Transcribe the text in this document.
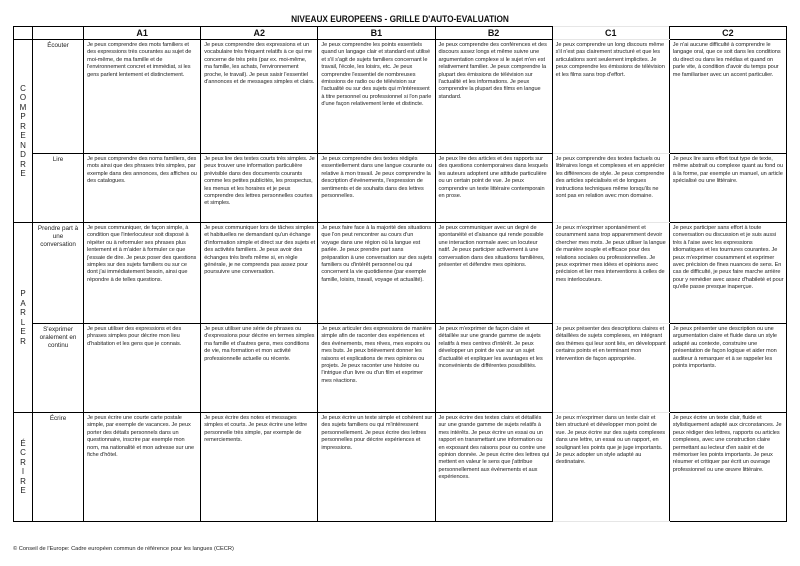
NIVEAUX EUROPEENS - GRILLE D'AUTO-EVALUATION
		A1	A2	B1	B2	C1	C2

C
O
M
P
R
E
N
D
R
E
	Écouter	Je peux comprendre des mots familiers et des expressions très courantes au sujet de moi-même, de ma famille et de l'environnement concret et immédiat, si les gens parlent lentement et distinctement.	Je peux comprendre des expressions et un vocabulaire très fréquent relatifs à ce qui me concerne de très près (par ex. moi-même, ma famille, les achats, l'environnement proche, le travail). Je peux saisir l'essentiel d'annonces et de messages simples et clairs.	Je peux comprendre les points essentiels quand un langage clair et standard est utilisé et s'il s'agit de sujets familiers concernant le travail, l'école, les loisirs, etc. Je peux comprendre l'essentiel de nombreuses émissions de radio ou de télévision sur l'actualité ou sur des sujets qui m'intéressent à titre personnel ou professionnel si l'on parle d'une façon relativement lente et distincte.	Je peux comprendre des conférences et des discours assez longs et même suivre une argumentation complexe si le sujet m'en est relativement familier. Je peux comprendre la plupart des émissions de télévision sur l'actualité et les informations. Je peux comprendre la plupart des films en langue standard.	Je peux comprendre un long discours même s'il n'est pas clairement structuré et que les articulations sont seulement implicites. Je peux comprendre les émissions de télévision et les films sans trop d'effort.	Je n'ai aucune difficulté à comprendre le langage oral, que ce soit dans les conditions du direct ou dans les médias et quand on parle vite, à condition d'avoir du temps pour me familiariser avec un accent particulier.
Lire	Je peux comprendre des noms familiers, des mots ainsi que des phrases très simples, par exemple dans des annonces, des affiches ou des catalogues.	Je peux lire des textes courts très simples. Je peux trouver une information particulière prévisible dans des documents courants comme les petites publicités, les prospectus, les menus et les horaires et je peux comprendre des lettres personnelles courtes et simples.	Je peux comprendre des textes rédigés essentiellement dans une langue courante ou relative à mon travail. Je peux comprendre la description d'événements, l'expression de sentiments et de souhaits dans des lettres personnelles.	Je peux lire des articles et des rapports sur des questions contemporaines dans lesquels les auteurs adoptent une attitude particulière ou un certain point de vue. Je peux comprendre un texte littéraire contemporain en prose.	Je peux comprendre des textes factuels ou littéraires longs et complexes et en apprécier les différences de style. Je peux comprendre des articles spécialisés et de longues instructions techniques même lorsqu'ils ne sont pas en relation avec mon domaine.	Je peux lire sans effort tout type de texte, même abstrait ou complexe quant au fond ou à la forme, par exemple un manuel, un article spécialisé ou une littéraire.

P
A
R
L
E
R
	Prendre part à une conversation	Je peux communiquer, de façon simple, à condition que l'interlocuteur soit disposé à répéter ou à reformuler ses phrases plus lentement et à m'aider à formuler ce que j'essaie de dire. Je peux poser des questions simples sur des sujets familiers ou sur ce dont j'ai immédiatement besoin, ainsi que répondre à de telles questions.	Je peux communiquer lors de tâches simples et habituelles ne demandant qu'un échange d'information simple et direct sur des sujets et des activités familiers. Je peux avoir des échanges très brefs même si, en règle générale, je ne comprends pas assez pour poursuivre une conversation.	Je peux faire face à la majorité des situations que l'on peut rencontrer au cours d'un voyage dans une région où la langue est parlée. Je peux prendre part sans préparation à une conversation sur des sujets familiers ou d'intérêt personnel ou qui concernent la vie quotidienne (par exemple famille, loisirs, travail, voyage et actualité).	Je peux communiquer avec un degré de spontanéité et d'aisance qui rende possible une interaction normale avec un locuteur natif. Je peux participer activement à une conversation dans des situations familières, présenter et défendre mes opinions.	Je peux m'exprimer spontanément et couramment sans trop apparemment devoir chercher mes mots. Je peux utiliser la langue de manière souple et efficace pour des relations sociales ou professionnelles. Je peux exprimer mes idées et opinions avec précision et lier mes interventions à celles de mes interlocuteurs.	Je peux participer sans effort à toute conversation ou discussion et je suis aussi très à l'aise avec les expressions idiomatiques et les tournures courantes. Je peux m'exprimer couramment et exprimer avec précision de fines nuances de sens. En cas de difficulté, je peux faire marche arrière pour y remédier avec assez d'habileté et pour qu'elle passe presque inaperçue.
S'exprimer oralement en continu	Je peux utiliser des expressions et des phrases simples pour décrire mon lieu d'habitation et les gens que je connais.	Je peux utiliser une série de phrases ou d'expressions pour décrire en termes simples ma famille et d'autres gens, mes conditions de vie, ma formation et mon activité professionnelle actuelle ou récente.	Je peux articuler des expressions de manière simple afin de raconter des expériences et des événements, mes rêves, mes espoirs ou mes buts. Je peux brièvement donner les raisons et explications de mes opinions ou projets. Je peux raconter une histoire ou l'intrigue d'un livre ou d'un film et exprimer mes réactions.	Je peux m'exprimer de façon claire et détaillée sur une grande gamme de sujets relatifs à mes centres d'intérêt. Je peux développer un point de vue sur un sujet d'actualité et expliquer les avantages et les inconvénients de différentes possibilités.	Je peux présenter des descriptions claires et détaillées de sujets complexes, en intégrant des thèmes qui leur sont liés, en développant certains points et en terminant mon intervention de façon appropriée.	Je peux présenter une description ou une argumentation claire et fluide dans un style adapté au contexte, construire une présentation de façon logique et aider mon auditeur à remarquer et à se rappeler les points importants.

É
C
R
I
R
E
	Écrire	Je peux écrire une courte carte postale simple, par exemple de vacances. Je peux porter des détails personnels dans un questionnaire, inscrire par exemple mon nom, ma nationalité et mon adresse sur une fiche d'hôtel.	Je peux écrire des notes et messages simples et courts. Je peux écrire une lettre personnelle très simple, par exemple de remerciements.	Je peux écrire un texte simple et cohérent sur des sujets familiers ou qui m'intéressent personnellement. Je peux écrire des lettres personnelles pour décrire expériences et impressions.	Je peux écrire des textes clairs et détaillés sur une grande gamme de sujets relatifs à mes intérêts. Je peux écrire un essai ou un rapport en transmettant une information ou en exposant des raisons pour ou contre une opinion donnée. Je peux écrire des lettres qui mettent en valeur le sens que j'attribue personnellement aux événements et aux expériences.	Je peux m'exprimer dans un texte clair et bien structuré et développer mon point de vue. Je peux écrire sur des sujets complexes dans une lettre, un essai ou un rapport, en soulignant les points que je juge importants. Je peux adopter un style adapté au destinataire.	Je peux écrire un texte clair, fluide et stylistiquement adapté aux circonstances. Je peux rédiger des lettres, rapports ou articles complexes, avec une construction claire permettant au lecteur d'en saisir et de mémoriser les points importants. Je peux résumer et critiquer par écrit un ouvrage professionnel ou une œuvre littéraire.
© Conseil de l'Europe: Cadre européen commun de référence pour les langues (CECR)
